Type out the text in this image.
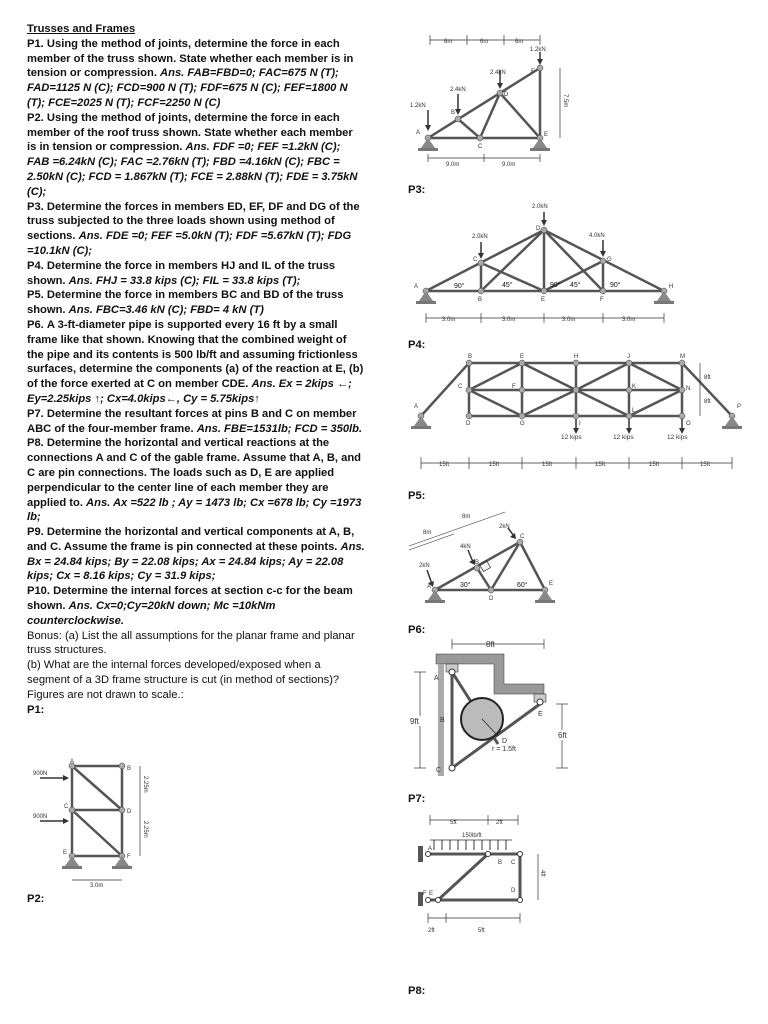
Trusses and Frames
P1. Using the method of joints, determine the force in each member of the truss shown. State whether each member is in tension or compression. Ans. FAB=FBD=0; FAC=675 N (T); FAD=1125 N (C); FCD=900 N (T); FDF=675 N (C); FEF=1800 N (T); FCE=2025 N (T); FCF=2250 N (C)
P2. Using the method of joints, determine the force in each member of the roof truss shown. State whether each member is in tension or compression. Ans. FDF =0; FEF =1.2kN (C); FAB =6.24kN (C); FAC =2.76kN (T); FBD =4.16kN (C); FBC = 2.50kN (C); FCD = 1.867kN (T); FCE = 2.88kN (T); FDE = 3.75kN (C);
P3. Determine the forces in members ED, EF, DF and DG of the truss subjected to the three loads shown using method of sections. Ans. FDE =0; FEF =5.0kN (T); FDF =5.67kN (T); FDG =10.1kN (C);
P4. Determine the force in members HJ and IL of the truss shown. Ans. FHJ = 33.8 kips (C); FIL = 33.8 kips (T);
P5. Determine the force in members BC and BD of the truss shown. Ans. FBC=3.46 kN (C); FBD= 4 kN (T)
P6. A 3-ft-diameter pipe is supported every 16 ft by a small frame like that shown. Knowing that the combined weight of the pipe and its contents is 500 lb/ft and assuming frictionless surfaces, determine the components (a) of the reaction at E, (b) of the force exerted at C on member CDE. Ans. Ex = 2kips ←; Ey=2.25kips ↑; Cx=4.0kips←, Cy = 5.75kips↑
P7. Determine the resultant forces at pins B and C on member ABC of the four-member frame. Ans. FBE=1531lb; FCD = 350lb.
P8. Determine the horizontal and vertical reactions at the connections A and C of the gable frame. Assume that A, B, and C are pin connections. The loads such as D, E are applied perpendicular to the center line of each member they are applied to. Ans. Ax =522 lb ; Ay = 1473 lb; Cx =678 lb; Cy =1973 lb;
P9. Determine the horizontal and vertical components at A, B, and C. Assume the frame is pin connected at these points. Ans. Bx = 24.84 kips; By = 22.08 kips; Ax = 24.84 kips; Ay = 22.08 kips; Cx = 8.16 kips; Cy = 31.9 kips;
P10. Determine the internal forces at section c-c for the beam shown. Ans. Cx=0;Cy=20kN down; Mc =10kNm counterclockwise.
Bonus: (a) List the all assumptions for the planar frame and planar truss structures.
(b) What are the internal forces developed/exposed when a segment of a 3D frame structure is cut (in method of sections)?
Figures are not drawn to scale.:
P1:
900N
900N
A
B
C
D
E
F
2.25m
2.25m
3.0m
P2:
6m	6m	6m
1.2kN
2.4kN
2.4kN
1.2kN
A
B
C
D
E
F
7.5m
9.0m	9.0m
P3:
2.0kN
2.0kN
4.0kN
A
B
C
D
E	F
G
H
90°	45°	90° 45°	90°
3.0m	3.0m	3.0m	3.0m
P4:
12 kips	12 kips	12 kips
A
B
C
D
E
F
G
H
I
J
K
L
M
N
O
P
8ft
8ft
15ft	15ft	15ft	15ft	15ft	15ft
P5:
8m
8m
2kN
4kN
2kN
A
B
C
D
E
30°	60°
P6:
8ft
A
B
C
D
E
r = 1.5ft
9ft
6ft
P7:
5ft	2ft
150lb/ft
A
B C
D
E
F
4ft
2ft	5ft
P8:
